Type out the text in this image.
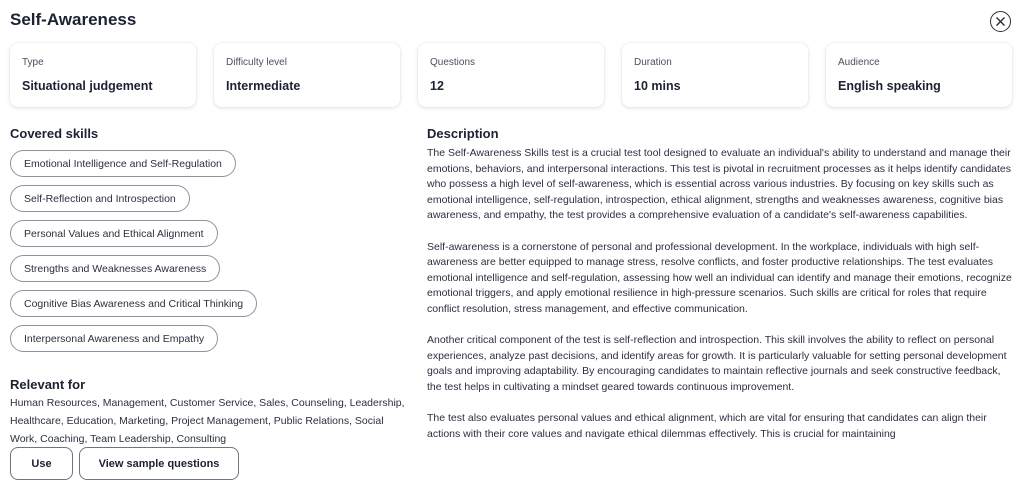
Self-Awareness
Type
Situational judgement
Difficulty level
Intermediate
Questions
12
Duration
10 mins
Audience
English speaking
Covered skills
Emotional Intelligence and Self-Regulation
Self-Reflection and Introspection
Personal Values and Ethical Alignment
Strengths and Weaknesses Awareness
Cognitive Bias Awareness and Critical Thinking
Interpersonal Awareness and Empathy
Relevant for
Human Resources, Management, Customer Service, Sales, Counseling, Leadership, Healthcare, Education, Marketing, Project Management, Public Relations, Social Work, Coaching, Team Leadership, Consulting
Description

The Self-Awareness Skills test is a crucial test tool designed to evaluate an individual's ability to understand and manage their emotions, behaviors, and interpersonal interactions. This test is pivotal in recruitment processes as it helps identify candidates who possess a high level of self-awareness, which is essential across various industries. By focusing on key skills such as emotional intelligence, self-regulation, introspection, ethical alignment, strengths and weaknesses awareness, cognitive bias awareness, and empathy, the test provides a comprehensive evaluation of a candidate's self-awareness capabilities.

Self-awareness is a cornerstone of personal and professional development. In the workplace, individuals with high self-awareness are better equipped to manage stress, resolve conflicts, and foster productive relationships. The test evaluates emotional intelligence and self-regulation, assessing how well an individual can identify and manage their emotions, recognize emotional triggers, and apply emotional resilience in high-pressure scenarios. Such skills are critical for roles that require conflict resolution, stress management, and effective communication.

Another critical component of the test is self-reflection and introspection. This skill involves the ability to reflect on personal experiences, analyze past decisions, and identify areas for growth. It is particularly valuable for setting personal development goals and improving adaptability. By encouraging candidates to maintain reflective journals and seek constructive feedback, the test helps in cultivating a mindset geared towards continuous improvement.

The test also evaluates personal values and ethical alignment, which are vital for ensuring that candidates can align their actions with their core values and navigate ethical dilemmas effectively. This is crucial for maintaining

Use	View sample questions
